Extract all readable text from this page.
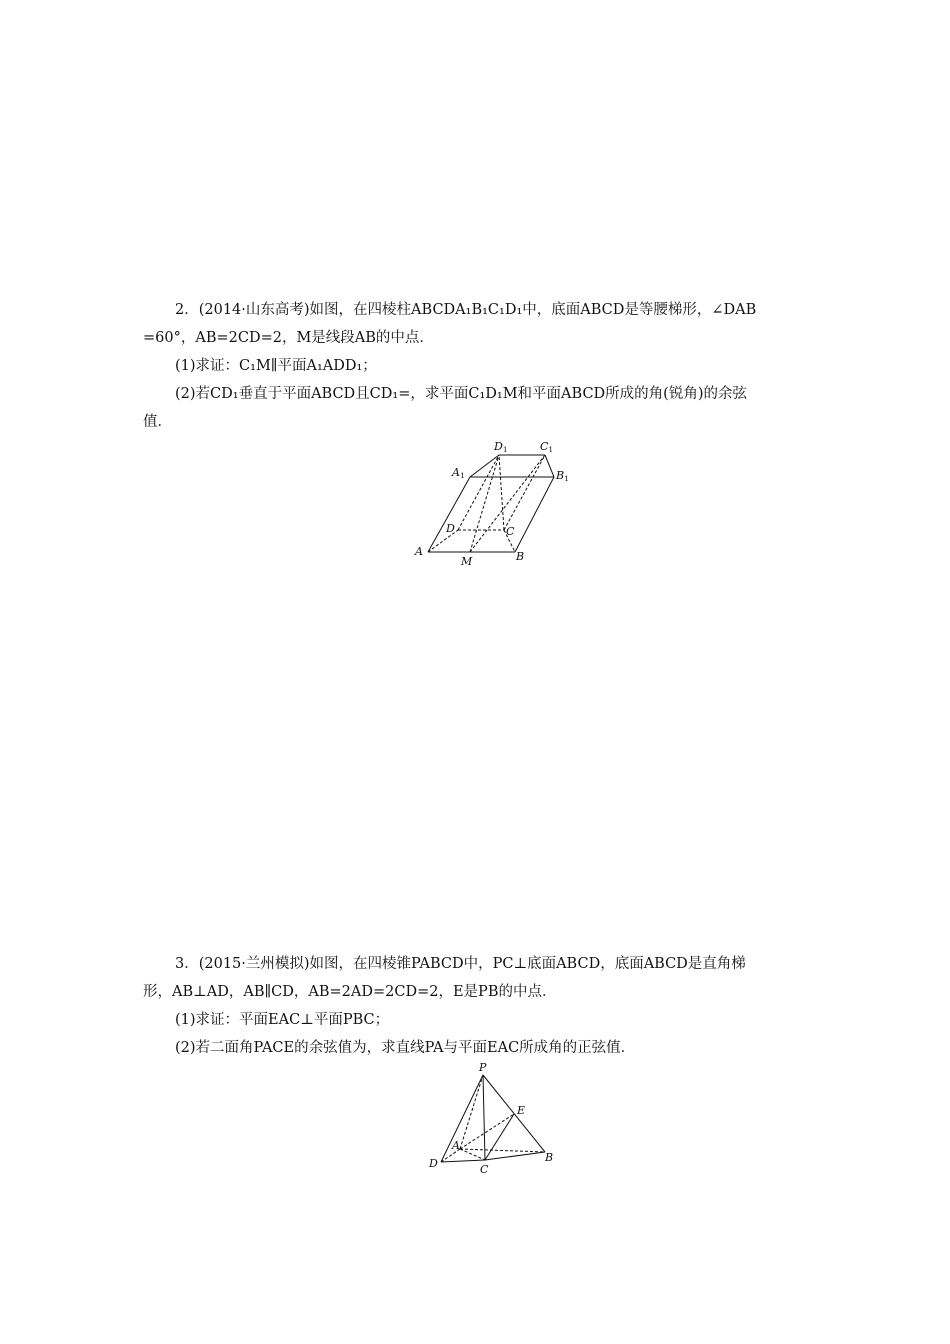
2．(2014·山东高考)如图，在四棱柱ABCDA₁B₁C₁D₁中，底面ABCD是等腰梯形，∠DAB
=60°，AB=2CD=2，M是线段AB的中点．
(1)求证：C₁M∥平面A₁ADD₁；
(2)若CD₁垂直于平面ABCD且CD₁=，求平面C₁D₁M和平面ABCD所成的角(锐角)的余弦
值．
D1	C1
A1	B1
D	C
A
M	B
3．(2015·兰州模拟)如图，在四棱锥PABCD中，PC⊥底面ABCD，底面ABCD是直角梯
形，AB⊥AD，AB∥CD，AB=2AD=2CD=2，E是PB的中点．
(1)求证：平面EAC⊥平面PBC；
(2)若二面角PACE的余弦值为，求直线PA与平面EAC所成角的正弦值．
P
E
A
D	C
B
